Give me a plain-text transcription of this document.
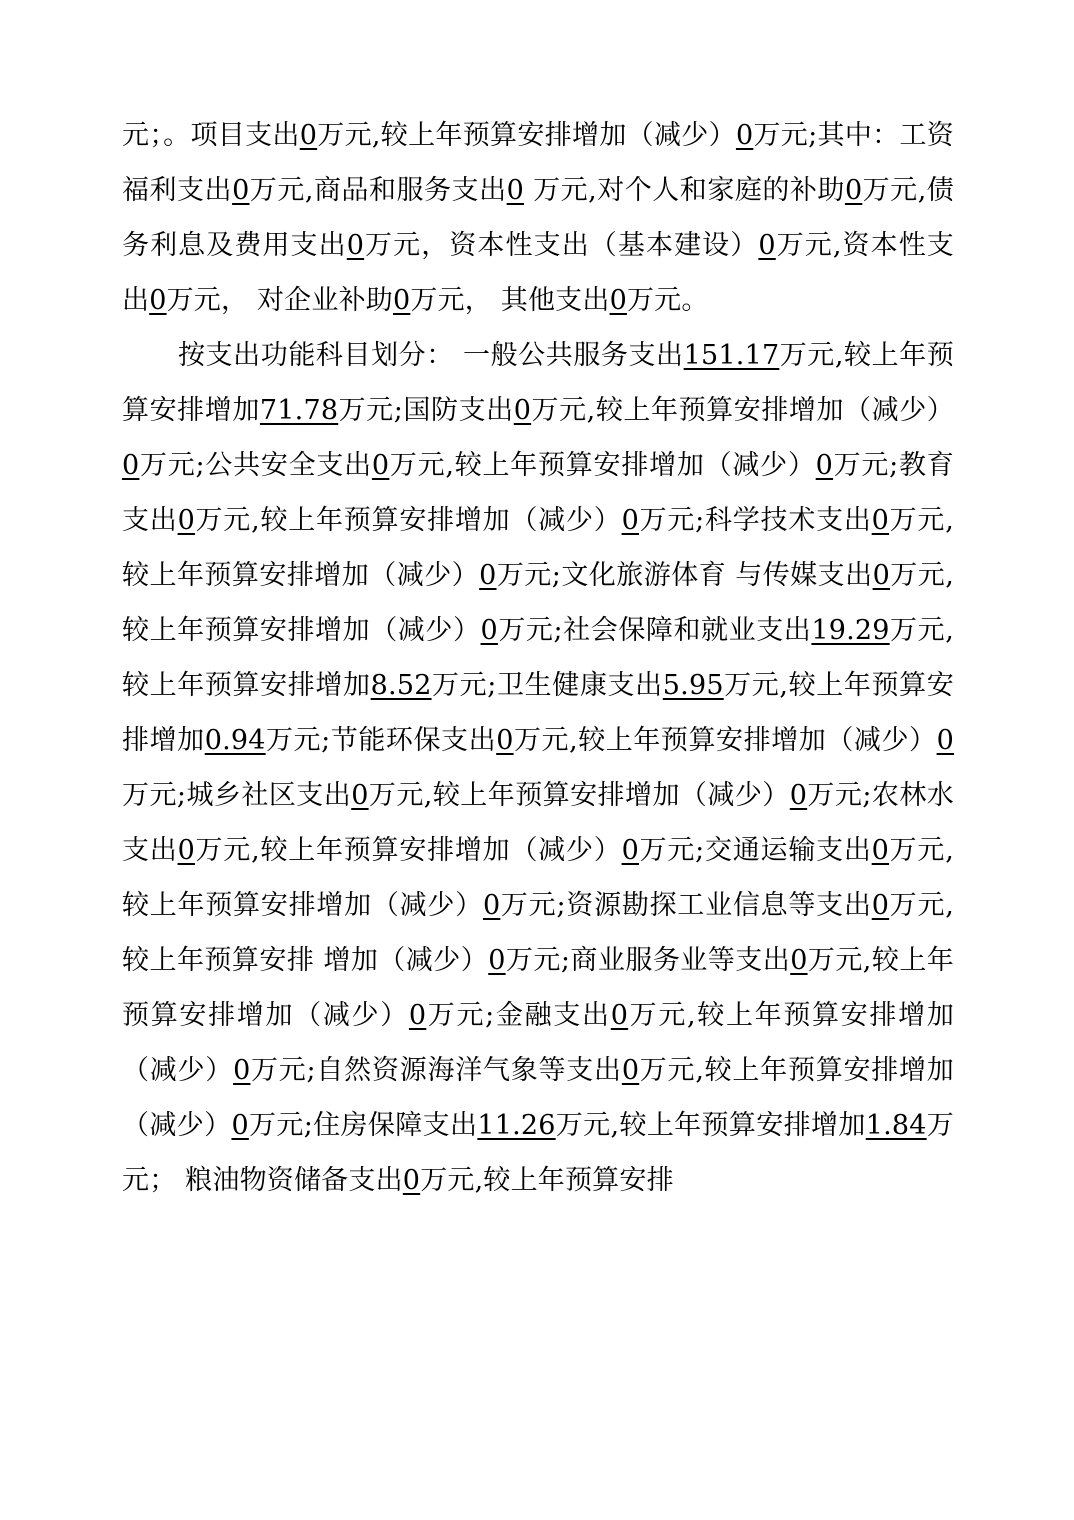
元；。项目支出0万元,较上年预算安排增加（减少）0万元;其中：工资福利支出0万元,商品和服务支出0 万元,对个人和家庭的补助0万元,债务利息及费用支出0万元，资本性支出（基本建设）0万元,资本性支出0万元， 对企业补助0万元， 其他支出0万元。

按支出功能科目划分： 一般公共服务支出151.17万元,较上年预算安排增加71.78万元;国防支出0万元,较上年预算安排增加（减少）0万元;公共安全支出0万元,较上年预算安排增加（减少）0万元;教育支出0万元,较上年预算安排增加（减少）0万元;科学技术支出0万元,较上年预算安排增加（减少）0万元;文化旅游体育 与传媒支出0万元,较上年预算安排增加（减少）0万元;社会保障和就业支出19.29万元,较上年预算安排增加8.52万元;卫生健康支出5.95万元,较上年预算安排增加0.94万元;节能环保支出0万元,较上年预算安排增加（减少）0万元;城乡社区支出0万元,较上年预算安排增加（减少）0万元;农林水支出0万元,较上年预算安排增加（减少）0万元;交通运输支出0万元,较上年预算安排增加（减少）0万元;资源勘探工业信息等支出0万元,较上年预算安排 增加（减少）0万元;商业服务业等支出0万元,较上年 预算安排增加（减少）0万元;金融支出0万元,较上年预算安排增加（减少）0万元;自然资源海洋气象等支出0万元,较上年预算安排增加（减少）0万元;住房保障支出11.26万元,较上年预算安排增加1.84万元； 粮油物资储备支出0万元,较上年预算安排
